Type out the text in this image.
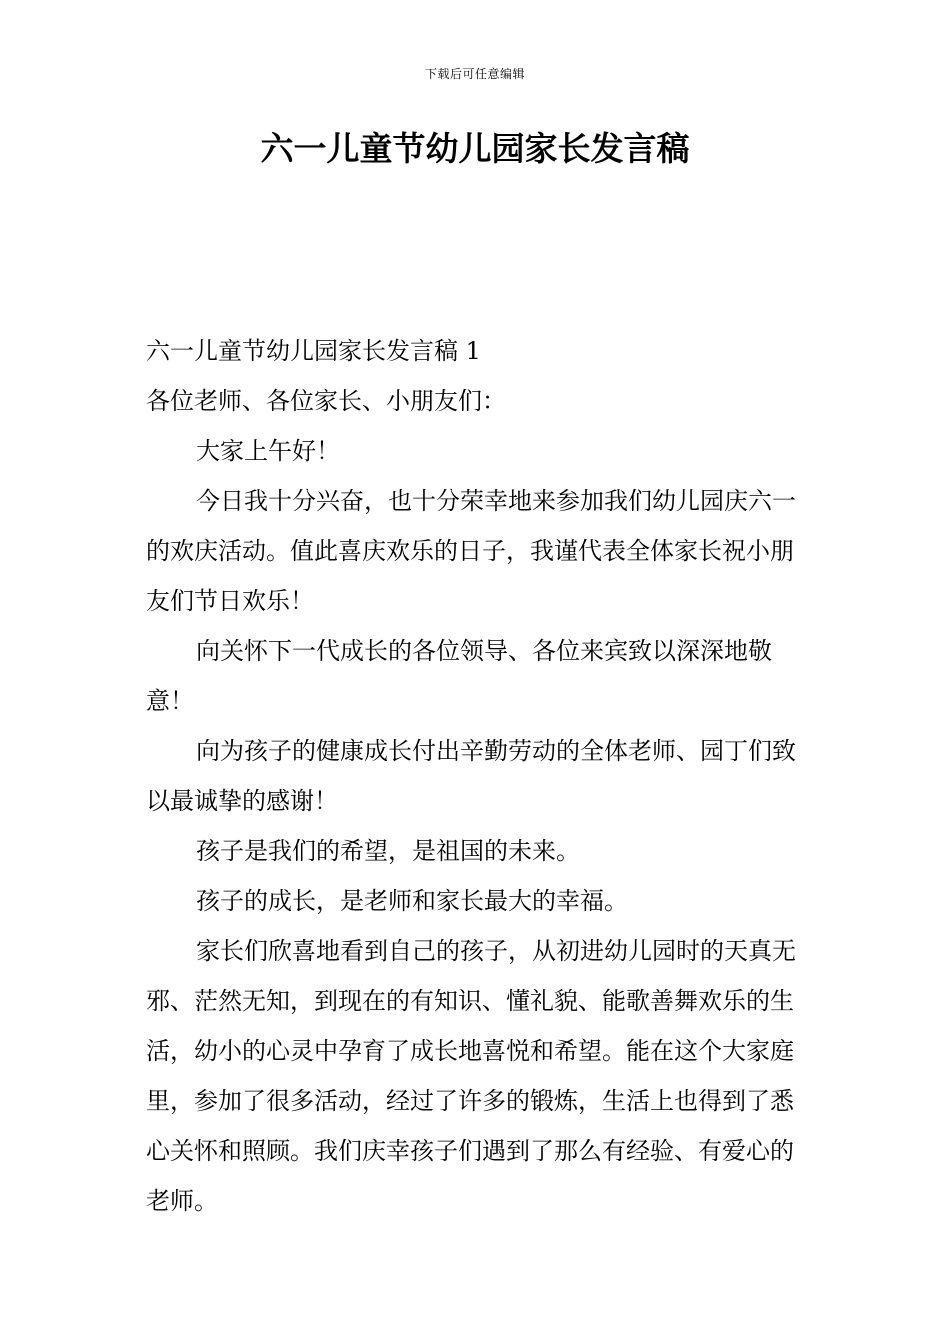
下载后可任意编辑
六一儿童节幼儿园家长发言稿

六一儿童节幼儿园家长发言稿 1

各位老师、各位家长、小朋友们：

大家上午好！

今日我十分兴奋，也十分荣幸地来参加我们幼儿园庆六一的欢庆活动。值此喜庆欢乐的日子，我谨代表全体家长祝小朋友们节日欢乐！

向关怀下一代成长的各位领导、各位来宾致以深深地敬意！

向为孩子的健康成长付出辛勤劳动的全体老师、园丁们致以最诚挚的感谢！

孩子是我们的希望，是祖国的未来。

孩子的成长，是老师和家长最大的幸福。

家长们欣喜地看到自己的孩子，从初进幼儿园时的天真无邪、茫然无知，到现在的有知识、懂礼貌、能歌善舞欢乐的生活，幼小的心灵中孕育了成长地喜悦和希望。能在这个大家庭里，参加了很多活动，经过了许多的锻炼，生活上也得到了悉心关怀和照顾。我们庆幸孩子们遇到了那么有经验、有爱心的老师。
